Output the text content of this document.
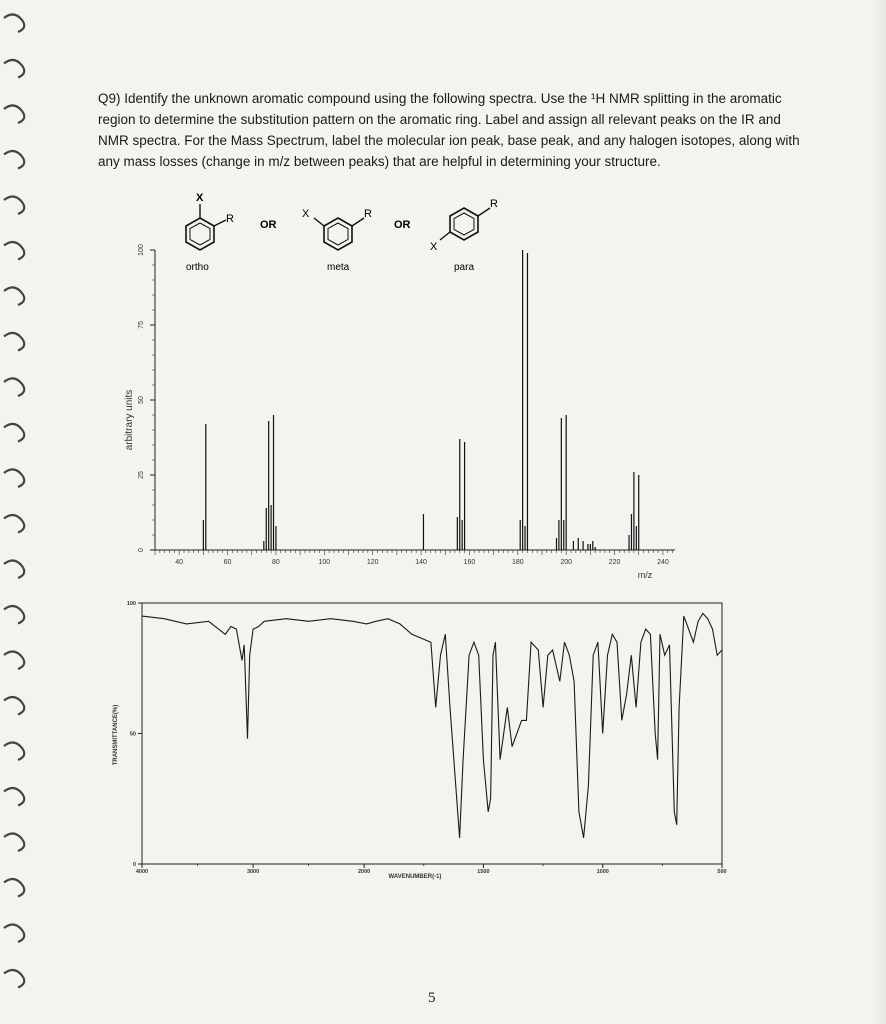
Q9) Identify the unknown aromatic compound using the following spectra. Use the ¹H NMR splitting in the aromatic region to determine the substitution pattern on the aromatic ring. Label and assign all relevant peaks on the IR and NMR spectra. For the Mass Spectrum, label the molecular ion peak, base peak, and any halogen isotopes, along with any mass losses (change in m/z between peaks) that are helpful in determining your structure.

X
R
ortho
OR
X	R
meta
OR
R
X
para
arbitrary units
m/z
40	60	80	100	120	140	160	180	200	220	240
0
25
50
75
100
TRANSMITTANCE(%)
WAVENUMBER(-1)
4000	3000	2000	1500	1000	500
0
50
100
5
